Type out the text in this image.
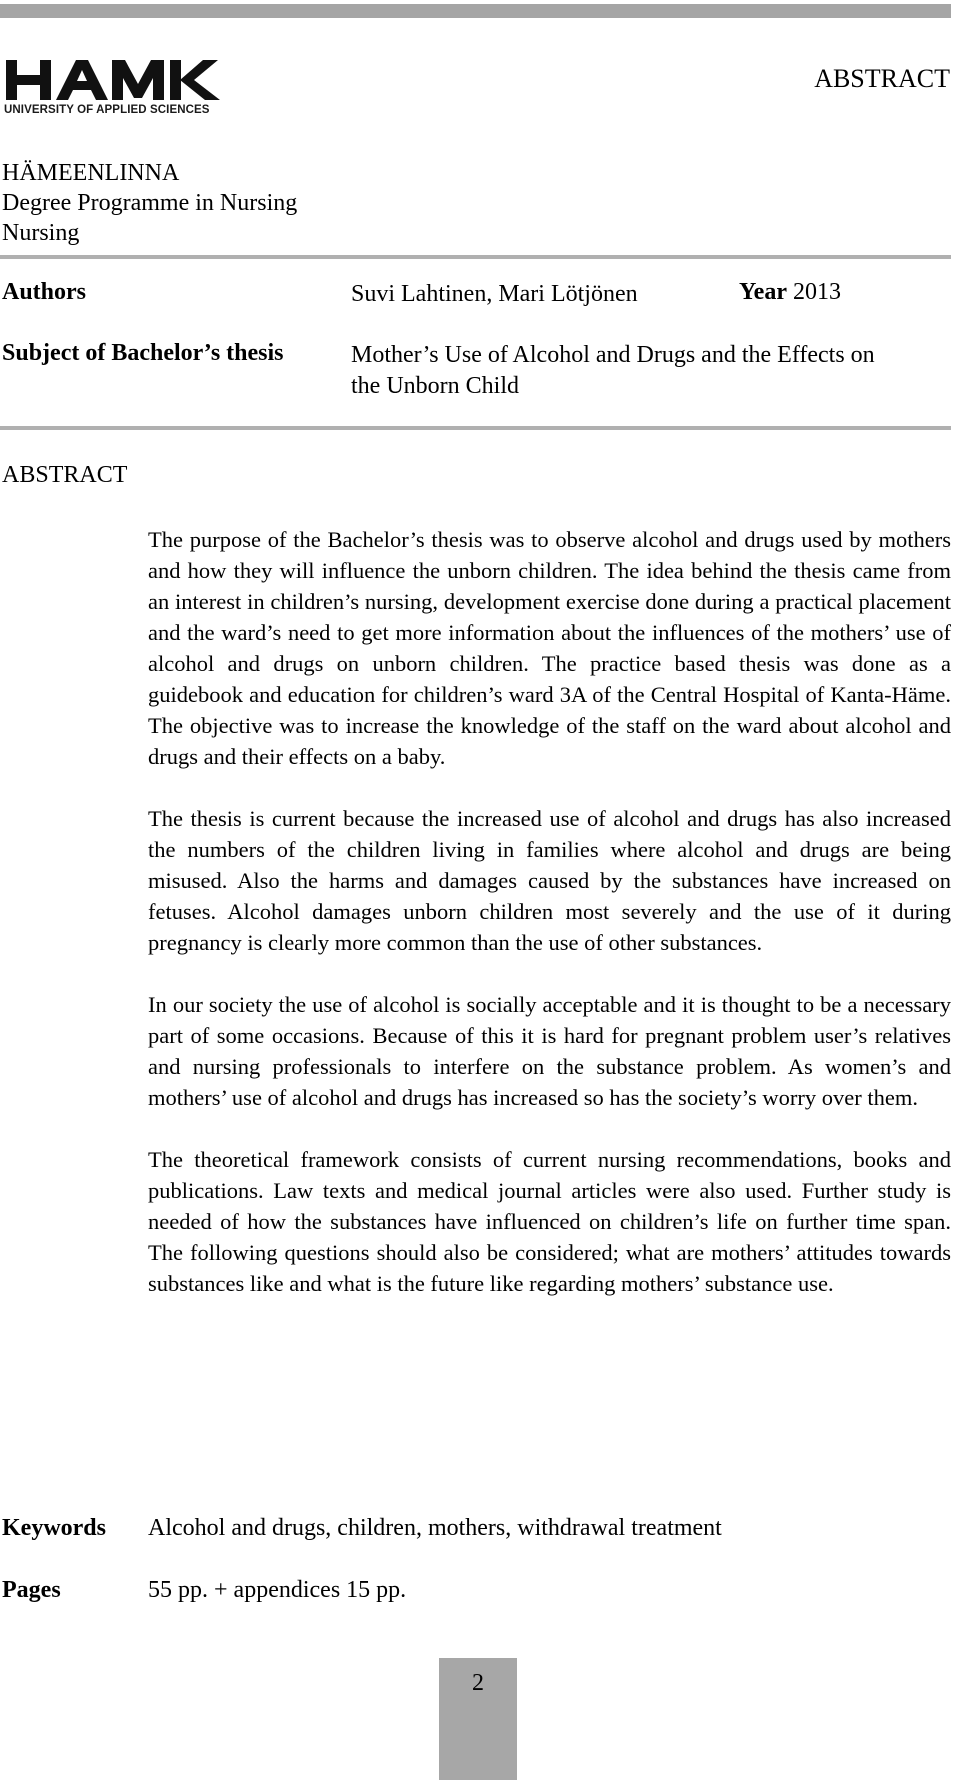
UNIVERSITY OF APPLIED SCIENCES
ABSTRACT
HÄMEENLINNA
Degree Programme in Nursing
Nursing
Authors	Suvi Lahtinen, Mari Lötjönen	Year 2013
Subject of Bachelor’s thesis	Mother’s Use of Alcohol and Drugs and the Effects on
the Unborn Child
ABSTRACT

The purpose of the Bachelor’s thesis was to observe alcohol and drugs used by mothers and how they will influence the unborn children. The idea behind the thesis came from an interest in children’s nursing, development exercise done during a practical placement and the ward’s need to get more information about the influences of the mothers’ use of alcohol and drugs on unborn children. The practice based thesis was done as a guidebook and education for children’s ward 3A of the Central Hospital of Kanta-Häme. The objective was to increase the knowledge of the staff on the ward about alcohol and drugs and their effects on a baby.

The thesis is current because the increased use of alcohol and drugs has also increased the numbers of the children living in families where alcohol and drugs are being misused. Also the harms and damages caused by the substances have increased on fetuses. Alcohol damages unborn children most severely and the use of it during pregnancy is clearly more common than the use of other substances.

In our society the use of alcohol is socially acceptable and it is thought to be a necessary part of some occasions. Because of this it is hard for pregnant problem user’s relatives and nursing professionals to interfere on the substance problem. As women’s and mothers’ use of alcohol and drugs has increased so has the society’s worry over them.

The theoretical framework consists of current nursing recommendations, books and publications. Law texts and medical journal articles were also used. Further study is needed of how the substances have influenced on children’s life on further time span. The following questions should also be considered; what are mothers’ attitudes towards substances like and what is the future like regarding mothers’ substance use.

Keywords Alcohol and drugs, children, mothers, withdrawal treatment
Pages	55 pp. + appendices 15 pp.
2
